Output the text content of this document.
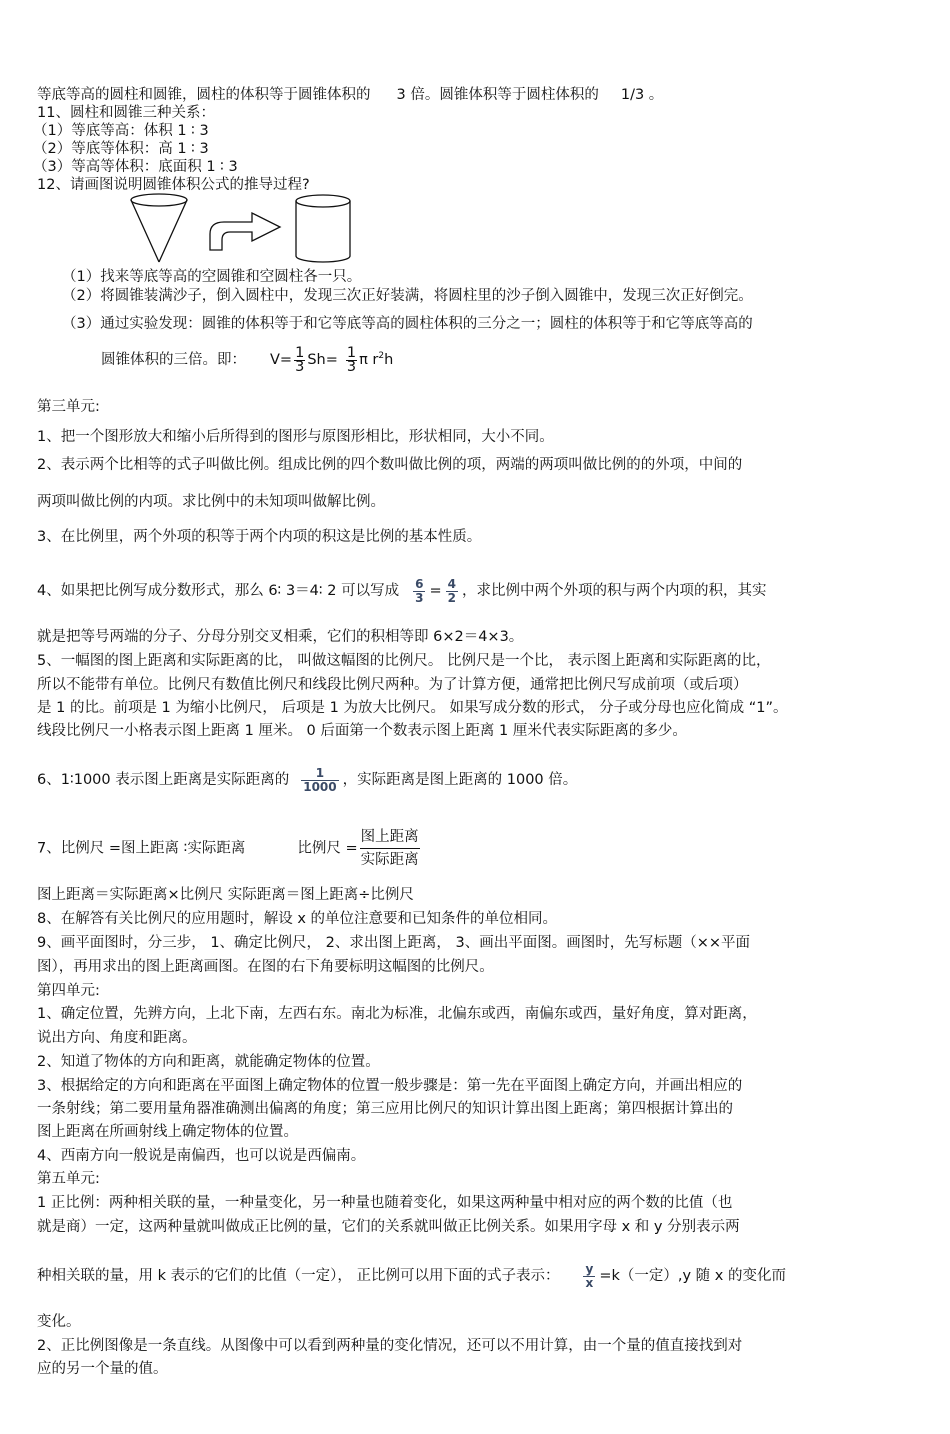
等底等高的圆柱和圆锥，圆柱的体积等于圆锥体积的 3 倍。圆锥体积等于圆柱体积的 1/3 。
11、圆柱和圆锥三种关系：
（1）等底等高：体积 1 ∶ 3
（2）等底等体积：高 1 ∶ 3
（3）等高等体积：底面积 1 ∶ 3
12、请画图说明圆锥体积公式的推导过程?
（1）找来等底等高的空圆锥和空圆柱各一只。
（2）将圆锥装满沙子，倒入圆柱中，发现三次正好装满，将圆柱里的沙子倒入圆锥中，发现三次正好倒完。
（3）通过实验发现：圆锥的体积等于和它等底等高的圆柱体积的三分之一；圆柱的体积等于和它等底等高的
圆锥体积的三倍。即： $V= \frac{1}{3} Sh= \frac{1}{3}$ π $r^2h$
第三单元:
1、把一个图形放大和缩小后所得到的图形与原图形相比，形状相同，大小不同。
2、表示两个比相等的式子叫做比例。组成比例的四个数叫做比例的项，两端的两项叫做比例的的外项，中间的
两项叫做比例的内项。求比例中的未知项叫做解比例。
3、在比例里，两个外项的积等于两个内项的积这是比例的基本性质。
4、如果把比例写成分数形式，那么 6∶ 3＝4∶ 2 可以写成 $\frac{6}{3} = \frac{4}{2}$ ，求比例中两个外项的积与两个内项的积，其实
就是把等号两端的分子、分母分别交叉相乘，它们的积相等即 6×2＝4×3。
5、一幅图的图上距离和实际距离的比， 叫做这幅图的比例尺。 比例尺是一个比， 表示图上距离和实际距离的比，
所以不能带有单位。比例尺有数值比例尺和线段比例尺两种。为了计算方便，通常把比例尺写成前项（或后项）
是 1 的比。前项是 1 为缩小比例尺， 后项是 1 为放大比例尺。 如果写成分数的形式， 分子或分母也应化简成 “1”。
线段比例尺一小格表示图上距离 1 厘米。 0 后面第一个数表示图上距离 1 厘米代表实际距离的多少。
6、1∶1000 表示图上距离是实际距离的 $\frac{1}{1000}$ ，实际距离是图上距离的 1000 倍。
7、比例尺 =图上距离 ∶实际距离	比例尺 = $\frac{\text{图上距离}}{\text{实际距离}}$
图上距离＝实际距离×比例尺 实际距离＝图上距离÷比例尺
8、在解答有关比例尺的应用题时，解设 x 的单位注意要和已知条件的单位相同。
9、画平面图时，分三步， 1、确定比例尺， 2、求出图上距离， 3、画出平面图。画图时，先写标题（××平面
图），再用求出的图上距离画图。在图的右下角要标明这幅图的比例尺。
第四单元:
1、确定位置，先辨方向，上北下南，左西右东。南北为标准，北偏东或西，南偏东或西，量好角度，算对距离，
说出方向、角度和距离。
2、知道了物体的方向和距离，就能确定物体的位置。
3、根据给定的方向和距离在平面图上确定物体的位置一般步骤是：第一先在平面图上确定方向，并画出相应的
一条射线；第二要用量角器准确测出偏离的角度；第三应用比例尺的知识计算出图上距离；第四根据计算出的
图上距离在所画射线上确定物体的位置。
4、西南方向一般说是南偏西，也可以说是西偏南。
第五单元:
1 正比例：两种相关联的量，一种量变化，另一种量也随着变化，如果这两种量中相对应的两个数的比值（也
就是商）一定，这两种量就叫做成正比例的量，它们的关系就叫做正比例关系。如果用字母 x 和 y 分别表示两
种相关联的量，用 k 表示的它们的比值（一定）， 正比例可以用下面的式子表示： $\frac{y}{x} =k$（一定）,y 随 x 的变化而
变化。
2、正比例图像是一条直线。从图像中可以看到两种量的变化情况，还可以不用计算，由一个量的值直接找到对
应的另一个量的值。
